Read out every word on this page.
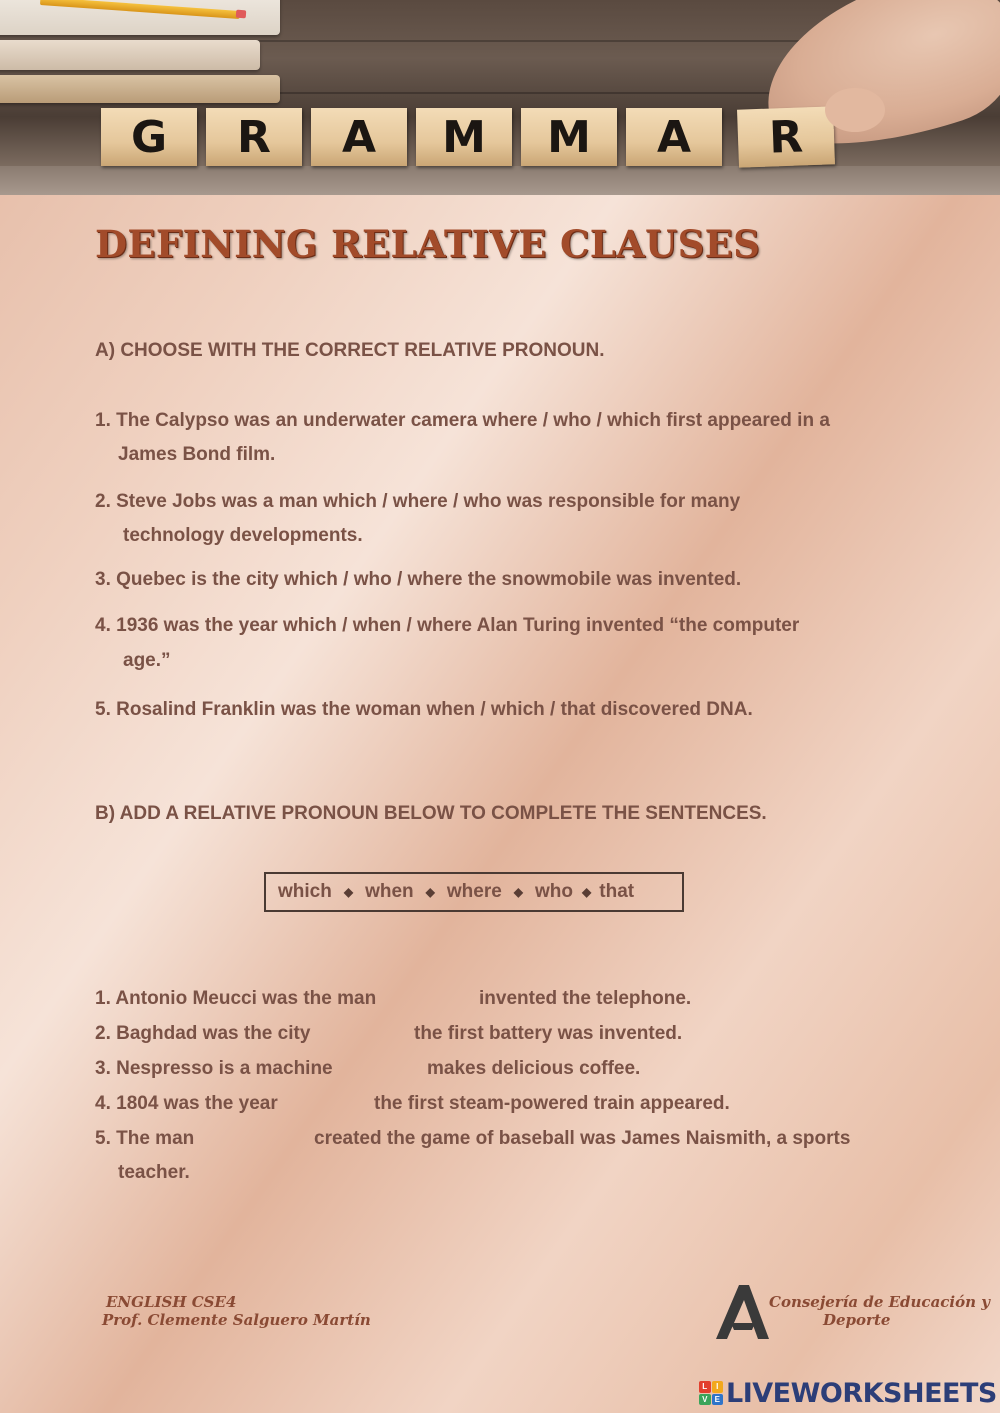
G	R	A	M	M	A	R
DEFINING RELATIVE CLAUSES
A) CHOOSE WITH THE CORRECT RELATIVE PRONOUN.
1. The Calypso was an underwater camera where / who / which first appeared in a
James Bond film.
2. Steve Jobs was a man which / where / who was responsible for many
technology developments.
3. Quebec is the city which / who / where the snowmobile was invented.
4. 1936 was the year which / when / where Alan Turing invented “the computer
age.”
5. Rosalind Franklin was the woman when / which / that discovered DNA.
B) ADD A RELATIVE PRONOUN BELOW TO COMPLETE THE SENTENCES.
which ◆ when ◆ where ◆ who ◆ that
1. Antonio Meucci was the man	invented the telephone.
2. Baghdad was the city	the first battery was invented.
3. Nespresso is a machine	makes delicious coffee.
4. 1804 was the year	the first steam-powered train appeared.
5. The man	created the game of baseball was James Naismith, a sports
teacher.
ENGLISH CSE4
Prof. Clemente Salguero Martín
Consejería de Educación y
Deporte
L	I
V E LIVEWORKSHEETS
